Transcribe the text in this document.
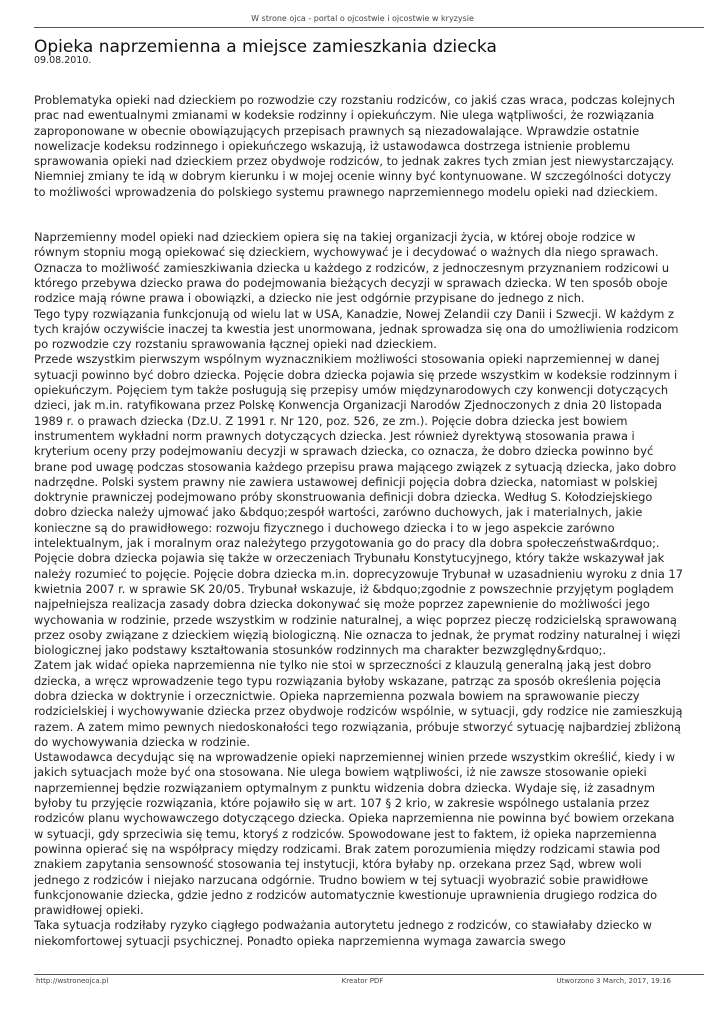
W strone ojca - portal o ojcostwie i ojcostwie w kryzysie
Opieka naprzemienna a miejsce zamieszkania dziecka
09.08.2010.

Problematyka opieki nad dzieckiem po rozwodzie czy rozstaniu rodziców, co jakiś czas wraca, podczas kolejnych prac nad ewentualnymi zmianami w kodeksie rodzinny i opiekuńczym. Nie ulega wątpliwości, że rozwiązania zaproponowane w obecnie obowiązujących przepisach prawnych są niezadowalające. Wprawdzie ostatnie nowelizacje kodeksu rodzinnego i opiekuńczego wskazują, iż ustawodawca dostrzega istnienie problemu sprawowania opieki nad dzieckiem przez obydwoje rodziców, to jednak zakres tych zmian jest niewystarczający. Niemniej zmiany te idą w dobrym kierunku i w mojej ocenie winny być kontynuowane. W szczególności dotyczy to możliwości wprowadzenia do polskiego systemu prawnego naprzemiennego modelu opieki nad dzieckiem.

Naprzemienny model opieki nad dzieckiem opiera się na takiej organizacji życia, w której oboje rodzice w równym stopniu mogą opiekować się dzieckiem, wychowywać je i decydować o ważnych dla niego sprawach. Oznacza to możliwość zamieszkiwania dziecka u każdego z rodziców, z jednoczesnym przyznaniem rodzicowi u którego przebywa dziecko prawa do podejmowania bieżących decyzji w sprawach dziecka. W ten sposób oboje rodzice mają równe prawa i obowiązki, a dziecko nie jest odgórnie przypisane do jednego z nich.

Tego typy rozwiązania funkcjonują od wielu lat w USA, Kanadzie, Nowej Zelandii czy Danii i Szwecji. W każdym z tych krajów oczywiście inaczej ta kwestia jest unormowana, jednak sprowadza się ona do umożliwienia rodzicom po rozwodzie czy rozstaniu sprawowania łącznej opieki nad dzieckiem.

Przede wszystkim pierwszym wspólnym wyznacznikiem możliwości stosowania opieki naprzemiennej w danej sytuacji powinno być dobro dziecka. Pojęcie dobra dziecka pojawia się przede wszystkim w kodeksie rodzinnym i opiekuńczym. Pojęciem tym także posługują się przepisy umów międzynarodowych czy konwencji dotyczących dzieci, jak m.in. ratyfikowana przez Polskę Konwencja Organizacji Narodów Zjednoczonych z dnia 20 listopada 1989 r. o prawach dziecka (Dz.U. Z 1991 r. Nr 120, poz. 526, ze zm.). Pojęcie dobra dziecka jest bowiem instrumentem wykładni norm prawnych dotyczących dziecka. Jest również dyrektywą stosowania prawa i kryterium oceny przy podejmowaniu decyzji w sprawach dziecka, co oznacza, że dobro dziecka powinno być brane pod uwagę podczas stosowania każdego przepisu prawa mającego związek z sytuacją dziecka, jako dobro nadrzędne. Polski system prawny nie zawiera ustawowej definicji pojęcia dobra dziecka, natomiast w polskiej doktrynie prawniczej podejmowano próby skonstruowania definicji dobra dziecka. Według S. Kołodziejskiego dobro dziecka należy ujmować jako &bdquo;zespół wartości, zarówno duchowych, jak i materialnych, jakie konieczne są do prawidłowego: rozwoju fizycznego i duchowego dziecka i to w jego aspekcie zarówno intelektualnym, jak i moralnym oraz należytego przygotowania go do pracy dla dobra społeczeństwa&rdquo;. Pojęcie dobra dziecka pojawia się także w orzeczeniach Trybunału Konstytucyjnego, który także wskazywał jak należy rozumieć to pojęcie. Pojęcie dobra dziecka m.in. doprecyzowuje Trybunał w uzasadnieniu wyroku z dnia 17 kwietnia 2007 r. w sprawie SK 20/05. Trybunał wskazuje, iż &bdquo;zgodnie z powszechnie przyjętym poglądem najpełniejsza realizacja zasady dobra dziecka dokonywać się może poprzez zapewnienie do możliwości jego wychowania w rodzinie, przede wszystkim w rodzinie naturalnej, a więc poprzez pieczę rodzicielską sprawowaną przez osoby związane z dzieckiem więzią biologiczną. Nie oznacza to jednak, że prymat rodziny naturalnej i więzi biologicznej jako podstawy kształtowania stosunków rodzinnych ma charakter bezwzględny&rdquo;.

Zatem jak widać opieka naprzemienna nie tylko nie stoi w sprzeczności z klauzulą generalną jaką jest dobro dziecka, a wręcz wprowadzenie tego typu rozwiązania byłoby wskazane, patrząc za sposób określenia pojęcia dobra dziecka w doktrynie i orzecznictwie. Opieka naprzemienna pozwala bowiem na sprawowanie pieczy rodzicielskiej i wychowywanie dziecka przez obydwoje rodziców wspólnie, w sytuacji, gdy rodzice nie zamieszkują razem. A zatem mimo pewnych niedoskonałości tego rozwiązania, próbuje stworzyć sytuację najbardziej zbliżoną do wychowywania dziecka w rodzinie.

Ustawodawca decydując się na wprowadzenie opieki naprzemiennej winien przede wszystkim określić, kiedy i w jakich sytuacjach może być ona stosowana. Nie ulega bowiem wątpliwości, iż nie zawsze stosowanie opieki naprzemiennej będzie rozwiązaniem optymalnym z punktu widzenia dobra dziecka. Wydaje się, iż zasadnym byłoby tu przyjęcie rozwiązania, które pojawiło się w art. 107 § 2 krio, w zakresie wspólnego ustalania przez rodziców planu wychowawczego dotyczącego dziecka. Opieka naprzemienna nie powinna być bowiem orzekana w sytuacji, gdy sprzeciwia się temu, ktoryś z rodziców. Spowodowane jest to faktem, iż opieka naprzemienna powinna opierać się na współpracy między rodzicami. Brak zatem porozumienia między rodzicami stawia pod znakiem zapytania sensowność stosowania tej instytucji, która byłaby np. orzekana przez Sąd, wbrew woli jednego z rodziców i niejako narzucana odgórnie. Trudno bowiem w tej sytuacji wyobrazić sobie prawidłowe funkcjonowanie dziecka, gdzie jedno z rodziców automatycznie kwestionuje uprawnienia drugiego rodzica do prawidłowej opieki.

Taka sytuacja rodziłaby ryzyko ciągłego podważania autorytetu jednego z rodziców, co stawiałaby dziecko w niekomfortowej sytuacji psychicznej. Ponadto opieka naprzemienna wymaga zawarcia swego

http://wstroneojca.pl	Kreator PDF	Utworzono 3 March, 2017, 19:16
